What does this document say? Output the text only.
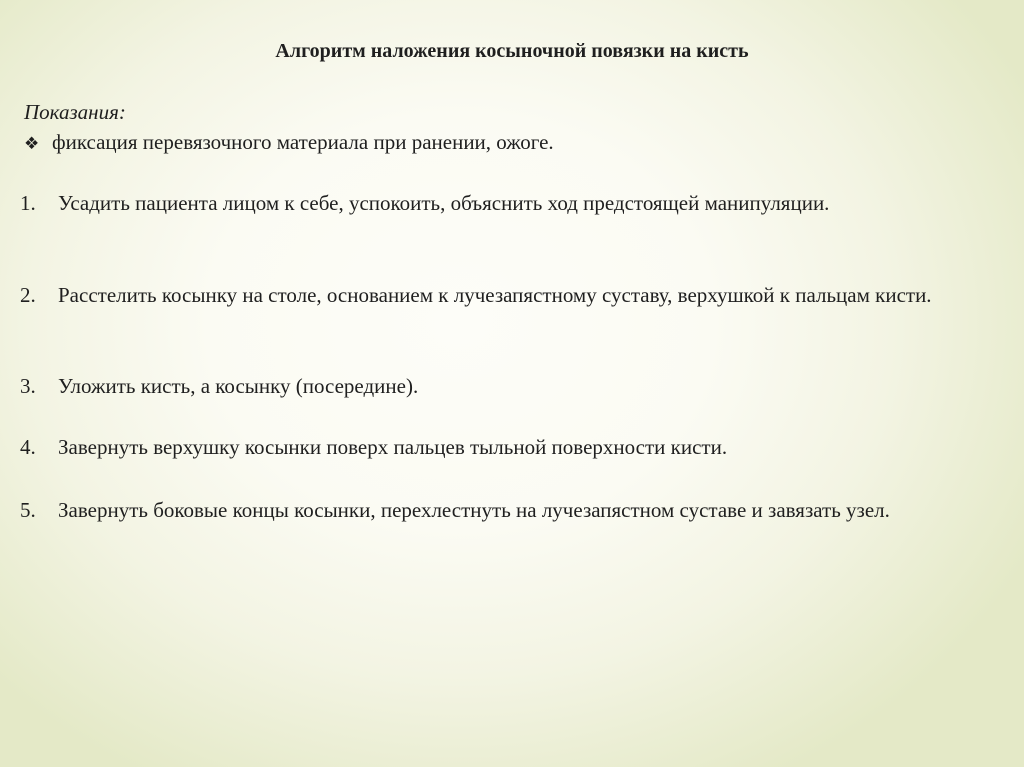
Алгоритм наложения косыночной повязки на кисть

Показания:

❖ фиксация перевязочного материала при ранении, ожоге.
1.	Усадить пациента лицом к себе, успокоить, объяснить ход предстоящей манипуляции.
2.	Расстелить косынку на столе, основанием к лучезапястному суставу, верхушкой к пальцам кисти.
3.	Уложить кисть, а косынку (посередине).
4.	Завернуть верхушку косынки поверх пальцев тыльной поверхности кисти.
5.	Завернуть боковые концы косынки, перехлестнуть на лучезапястном суставе и завязать узел.
